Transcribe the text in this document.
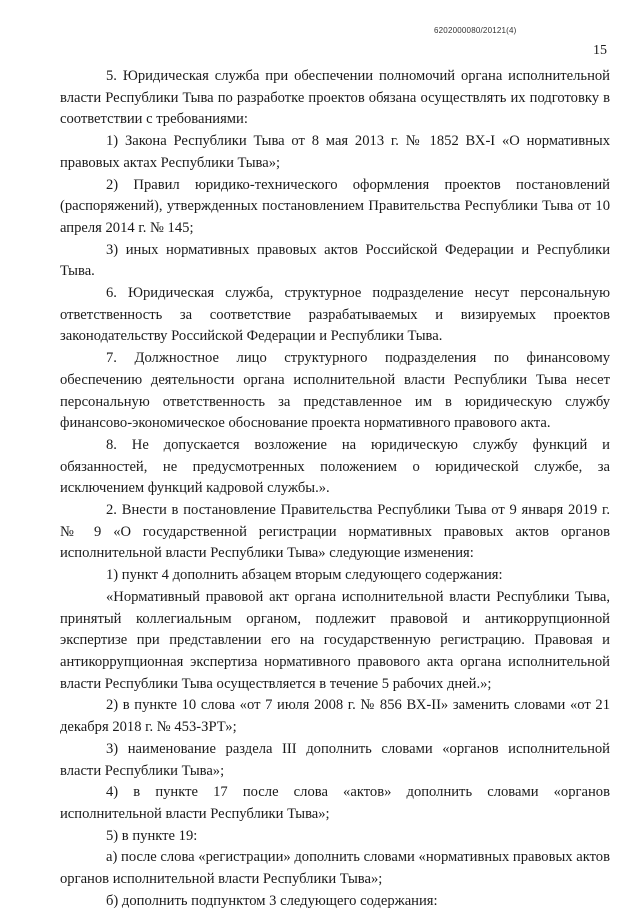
6202000080/20121(4)
15

5. Юридическая служба при обеспечении полномочий органа исполнительной власти Республики Тыва по разработке проектов обязана осуществлять их подготовку в соответствии с требованиями:

1) Закона Республики Тыва от 8 мая 2013 г. № 1852 ВХ-I «О нормативных правовых актах Республики Тыва»;

2) Правил юридико-технического оформления проектов постановлений (распоряжений), утвержденных постановлением Правительства Республики Тыва от 10 апреля 2014 г. № 145;

3) иных нормативных правовых актов Российской Федерации и Республики Тыва.

6. Юридическая служба, структурное подразделение несут персональную ответственность за соответствие разрабатываемых и визируемых проектов законодательству Российской Федерации и Республики Тыва.

7. Должностное лицо структурного подразделения по финансовому обеспечению деятельности органа исполнительной власти Республики Тыва несет персональную ответственность за представленное им в юридическую службу финансово-экономическое обоснование проекта нормативного правового акта.

8. Не допускается возложение на юридическую службу функций и обязанностей, не предусмотренных положением о юридической службе, за исключением функций кадровой службы.».

2. Внести в постановление Правительства Республики Тыва от 9 января 2019 г. № 9 «О государственной регистрации нормативных правовых актов органов исполнительной власти Республики Тыва» следующие изменения:

1) пункт 4 дополнить абзацем вторым следующего содержания:

«Нормативный правовой акт органа исполнительной власти Республики Тыва, принятый коллегиальным органом, подлежит правовой и антикоррупционной экспертизе при представлении его на государственную регистрацию. Правовая и антикоррупционная экспертиза нормативного правового акта органа исполнительной власти Республики Тыва осуществляется в течение 5 рабочих дней.»;

2) в пункте 10 слова «от 7 июля 2008 г. № 856 ВХ-II» заменить словами «от 21 декабря 2018 г. № 453-ЗРТ»;

3) наименование раздела III дополнить словами «органов исполнительной власти Республики Тыва»;

4) в пункте 17 после слова «актов» дополнить словами «органов исполнительной власти Республики Тыва»;

5) в пункте 19:

а) после слова «регистрации» дополнить словами «нормативных правовых актов органов исполнительной власти Республики Тыва»;

б) дополнить подпунктом 3 следующего содержания:
